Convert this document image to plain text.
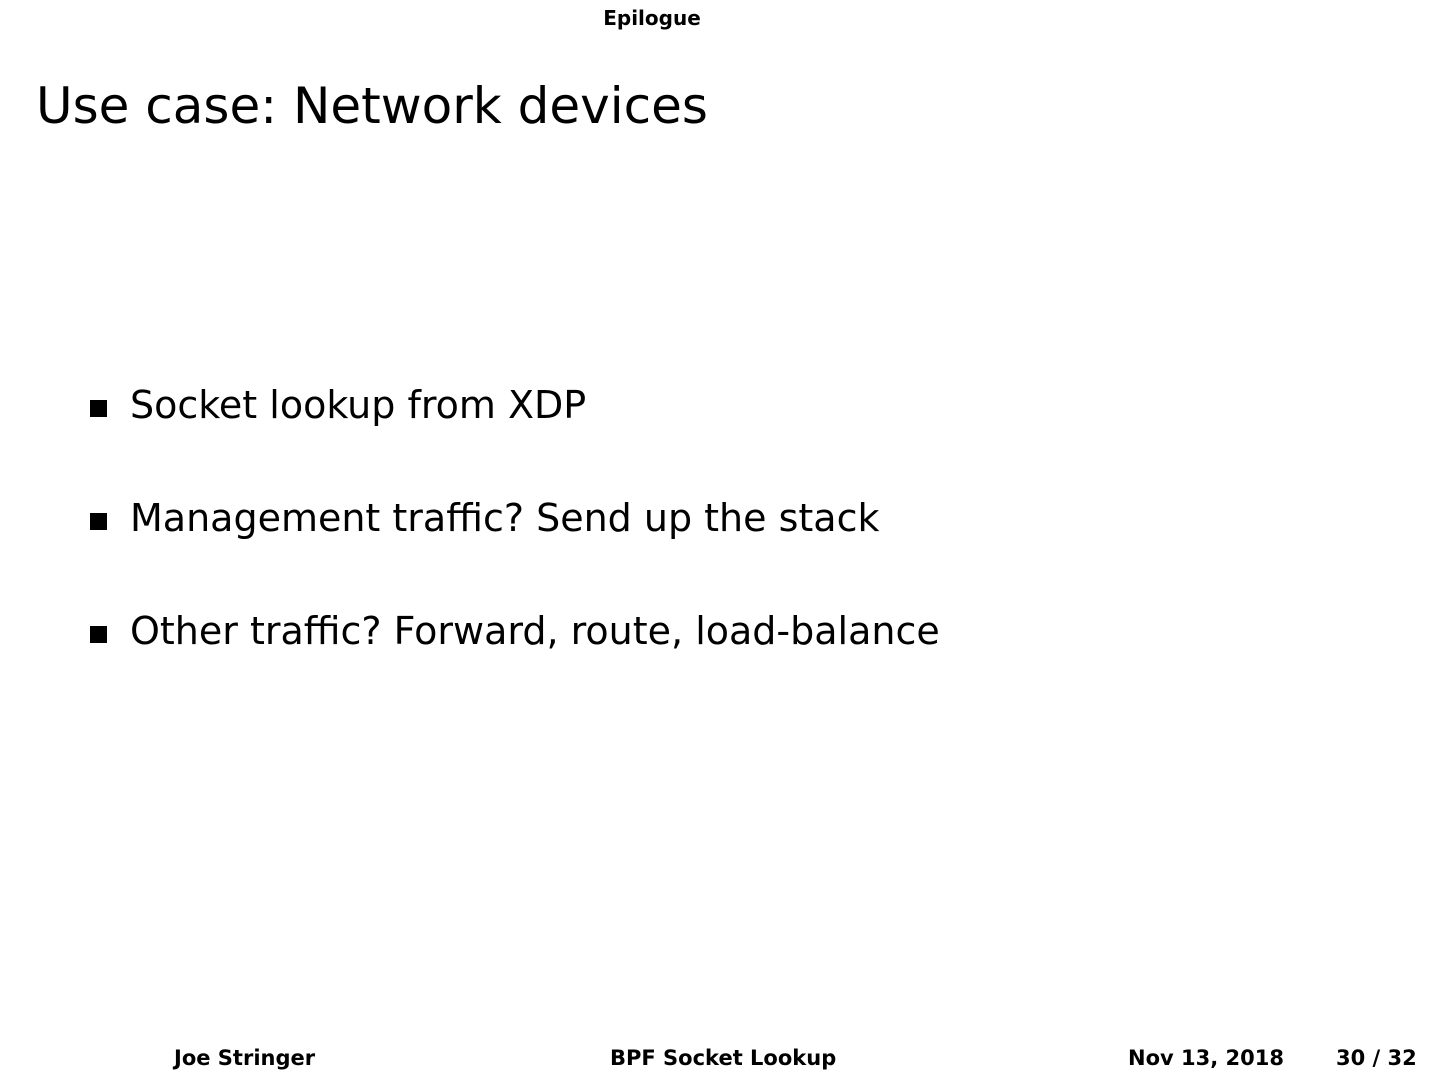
Epilogue
Use case: Network devices
Socket lookup from XDP
Management traffic? Send up the stack
Other traffic? Forward, route, load-balance
Joe Stringer	BPF Socket Lookup	Nov 13, 2018 30 / 32
